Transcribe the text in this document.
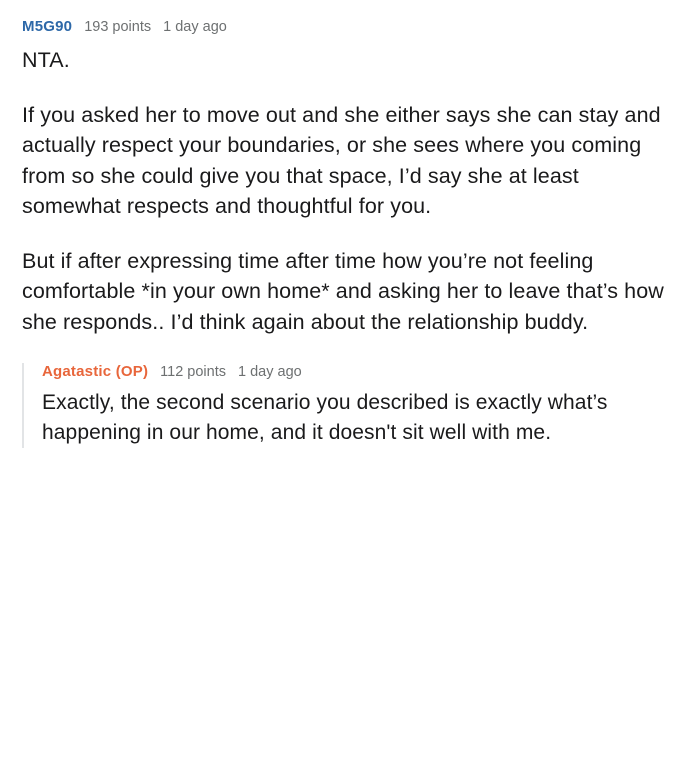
M5G90 193 points 1 day ago

NTA.

If you asked her to move out and she either says she can stay and actually respect your boundaries, or she sees where you coming from so she could give you that space, I’d say she at least somewhat respects and thoughtful for you.

But if after expressing time after time how you’re not feeling comfortable *in your own home* and asking her to leave that’s how she responds.. I’d think again about the relationship buddy.

Agatastic (OP) 112 points 1 day ago

Exactly, the second scenario you described is exactly what’s happening in our home, and it doesn't sit well with me.
